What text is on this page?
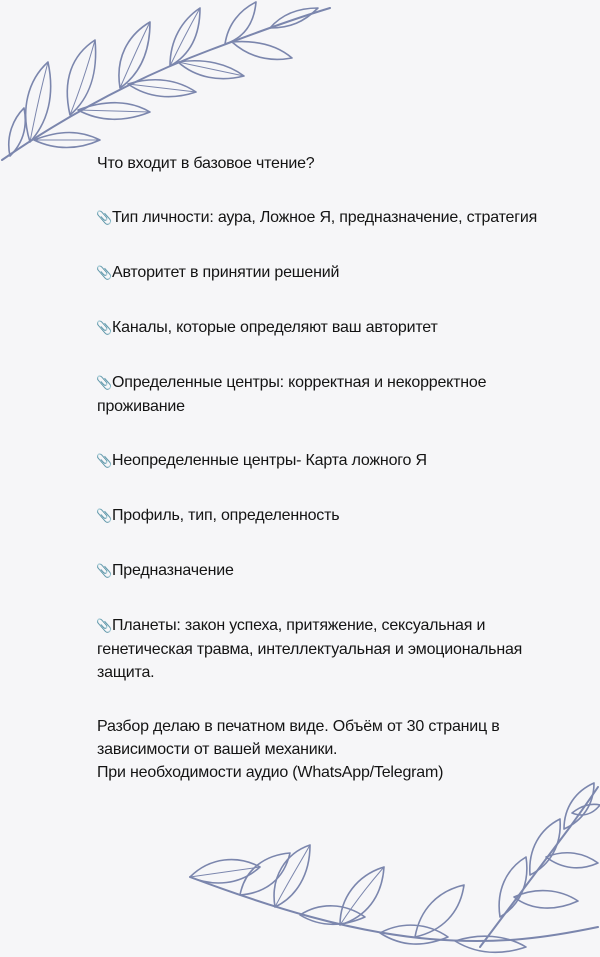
Что входит в базовое чтение?
📎Тип личности: аура, Ложное Я, предназначение, стратегия
📎Авторитет в принятии решений
📎Каналы, которые определяют ваш авторитет
📎Определенные центры: корректная и некорректное проживание
📎Неопределенные центры- Карта ложного Я
📎Профиль, тип, определенность
📎Предназначение
📎Планеты: закон успеха, притяжение, сексуальная и генетическая травма, интеллектуальная и эмоциональная защита.
Разбор делаю в печатном виде. Объём от 30 страниц в зависимости от вашей механики.
При необходимости аудио (WhatsApp/Telegram)
